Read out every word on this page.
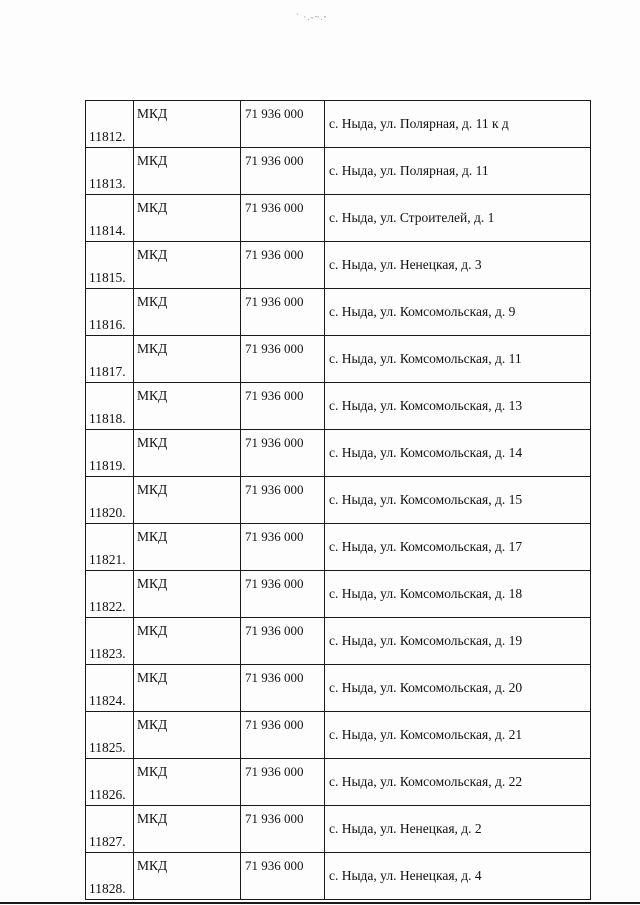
` ·.-~.ꞏ
11812.	МКД	71 936 000	с. Ныда, ул. Полярная, д. 11 к д
11813.	МКД	71 936 000	с. Ныда, ул. Полярная, д. 11
11814.	МКД	71 936 000	с. Ныда, ул. Строителей, д. 1
11815.	МКД	71 936 000	с. Ныда, ул. Ненецкая, д. 3
11816.	МКД	71 936 000	с. Ныда, ул. Комсомольская, д. 9
11817.	МКД	71 936 000	с. Ныда, ул. Комсомольская, д. 11
11818.	МКД	71 936 000	с. Ныда, ул. Комсомольская, д. 13
11819.	МКД	71 936 000	с. Ныда, ул. Комсомольская, д. 14
11820.	МКД	71 936 000	с. Ныда, ул. Комсомольская, д. 15
11821.	МКД	71 936 000	с. Ныда, ул. Комсомольская, д. 17
11822.	МКД	71 936 000	с. Ныда, ул. Комсомольская, д. 18
11823.	МКД	71 936 000	с. Ныда, ул. Комсомольская, д. 19
11824.	МКД	71 936 000	с. Ныда, ул. Комсомольская, д. 20
11825.	МКД	71 936 000	с. Ныда, ул. Комсомольская, д. 21
11826.	МКД	71 936 000	с. Ныда, ул. Комсомольская, д. 22
11827.	МКД	71 936 000	с. Ныда, ул. Ненецкая, д. 2
11828.	МКД	71 936 000	с. Ныда, ул. Ненецкая, д. 4
